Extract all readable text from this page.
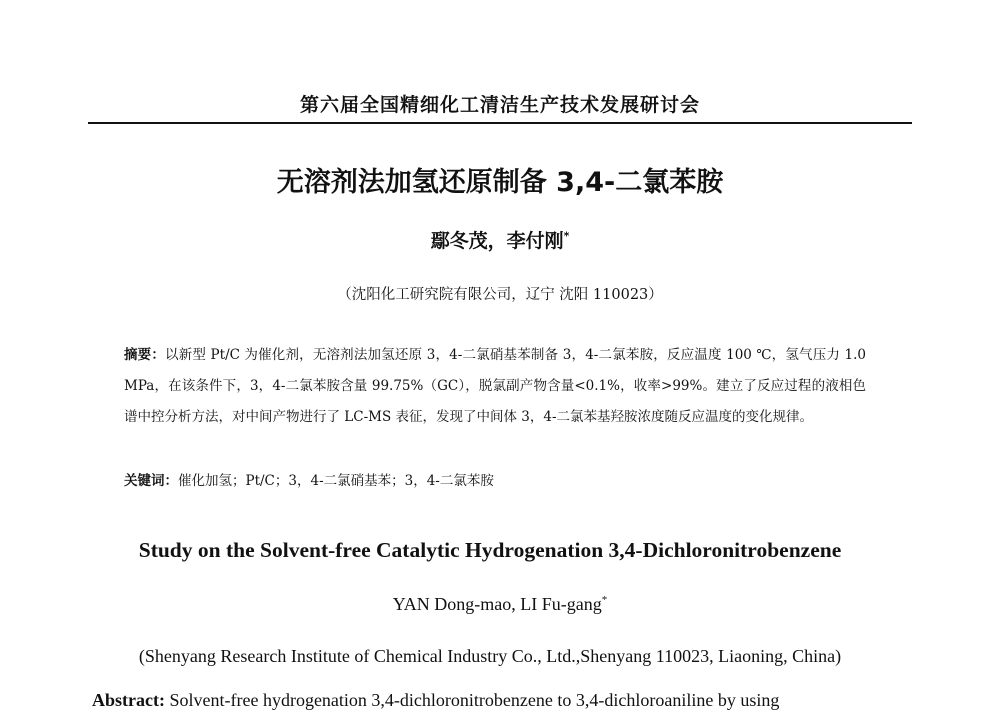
第六届全国精细化工清洁生产技术发展研讨会
无溶剂法加氢还原制备 3,4-二氯苯胺
鄢冬茂，李付刚*
（沈阳化工研究院有限公司，辽宁 沈阳 110023）
摘要：以新型 Pt/C 为催化剂，无溶剂法加氢还原 3，4-二氯硝基苯制备 3，4-二氯苯胺，反应温度 100 ℃，氢气压力 1.0 MPa，在该条件下，3，4-二氯苯胺含量 99.75%（GC），脱氯副产物含量<0.1%，收率>99%。建立了反应过程的液相色谱中控分析方法，对中间产物进行了 LC-MS 表征，发现了中间体 3，4-二氯苯基羟胺浓度随反应温度的变化规律。
关键词：催化加氢；Pt/C；3，4-二氯硝基苯；3，4-二氯苯胺
Study on the Solvent-free Catalytic Hydrogenation 3,4-Dichloronitrobenzene
YAN Dong-mao, LI Fu-gang*
(Shenyang Research Institute of Chemical Industry Co., Ltd.,Shenyang 110023, Liaoning, China)
Abstract: Solvent-free hydrogenation 3,4-dichloronitrobenzene to 3,4-dichloroaniline by using
